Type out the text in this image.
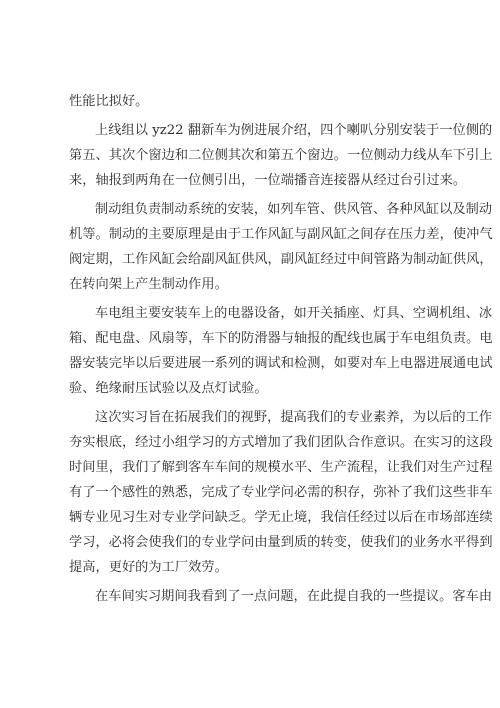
性能比拟好。

上线组以 yz22 翻新车为例进展介绍，四个喇叭分别安装于一位侧的
第五、其次个窗边和二位侧其次和第五个窗边。一位侧动力线从车下引上
来，轴报到两角在一位侧引出，一位端播音连接器从经过台引过来。

制动组负责制动系统的安装，如列车管、供风管、各种风缸以及制动
机等。制动的主要原理是由于工作风缸与副风缸之间存在压力差，使冲气
阀定期，工作风缸会给副风缸供风，副风缸经过中间管路为制动缸供风，
在转向架上产生制动作用。

车电组主要安装车上的电器设备，如开关插座、灯具、空调机组、冰
箱、配电盘、风扇等，车下的防滑器与轴报的配线也属于车电组负责。电
器安装完毕以后要进展一系列的调试和检测，如要对车上电器进展通电试
验、绝缘耐压试验以及点灯试验。

这次实习旨在拓展我们的视野，提高我们的专业素养，为以后的工作
夯实根底，经过小组学习的方式增加了我们团队合作意识。在实习的这段
时间里，我们了解到客车车间的规模水平、生产流程，让我们对生产过程
有了一个感性的熟悉，完成了专业学问必需的积存，弥补了我们这些非车
辆专业见习生对专业学问缺乏。学无止境，我信任经过以后在市场部连续
学习，必将会使我们的专业学问由量到质的转变，使我们的业务水平得到
提高，更好的为工厂效劳。

在车间实习期间我看到了一点问题，在此提自我的一些提议。客车由
